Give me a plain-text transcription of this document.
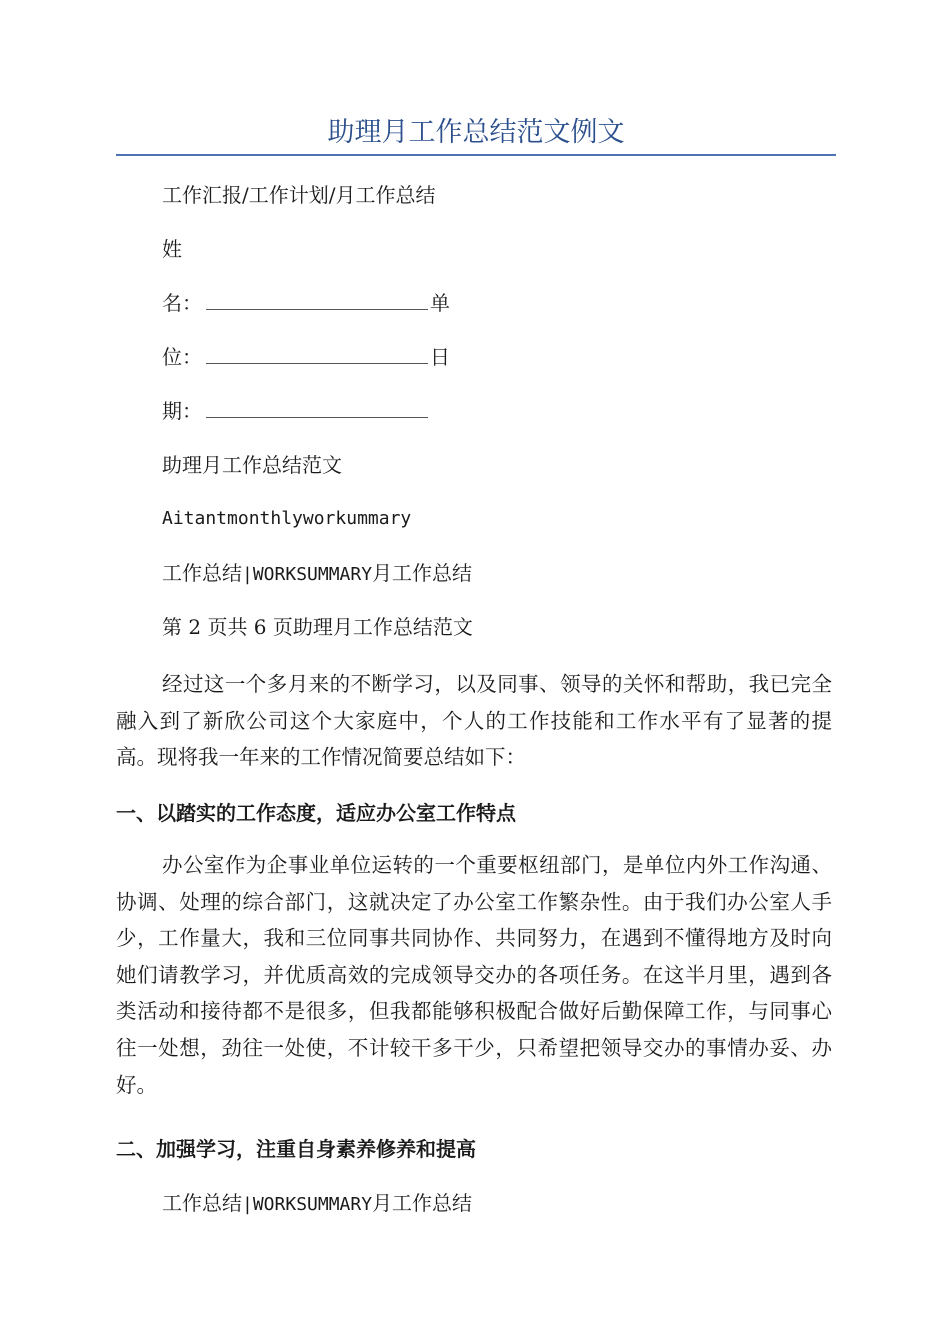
助理月工作总结范文例文

工作汇报/工作计划/月工作总结

姓

名：	单

位：	日

期：

助理月工作总结范文

Aitantmonthlyworkummary

工作总结|WORKSUMMARY月工作总结

第 2 页共 6 页助理月工作总结范文

经过这一个多月来的不断学习，以及同事、领导的关怀和帮助，我已完全融入到了新欣公司这个大家庭中，个人的工作技能和工作水平有了显著的提高。现将我一年来的工作情况简要总结如下：

一、以踏实的工作态度，适应办公室工作特点

办公室作为企事业单位运转的一个重要枢纽部门，是单位内外工作沟通、协调、处理的综合部门，这就决定了办公室工作繁杂性。由于我们办公室人手少，工作量大，我和三位同事共同协作、共同努力，在遇到不懂得地方及时向她们请教学习，并优质高效的完成领导交办的各项任务。在这半月里，遇到各类活动和接待都不是很多，但我都能够积极配合做好后勤保障工作，与同事心往一处想，劲往一处使，不计较干多干少，只希望把领导交办的事情办妥、办好。

二、加强学习，注重自身素养修养和提高

工作总结|WORKSUMMARY月工作总结
